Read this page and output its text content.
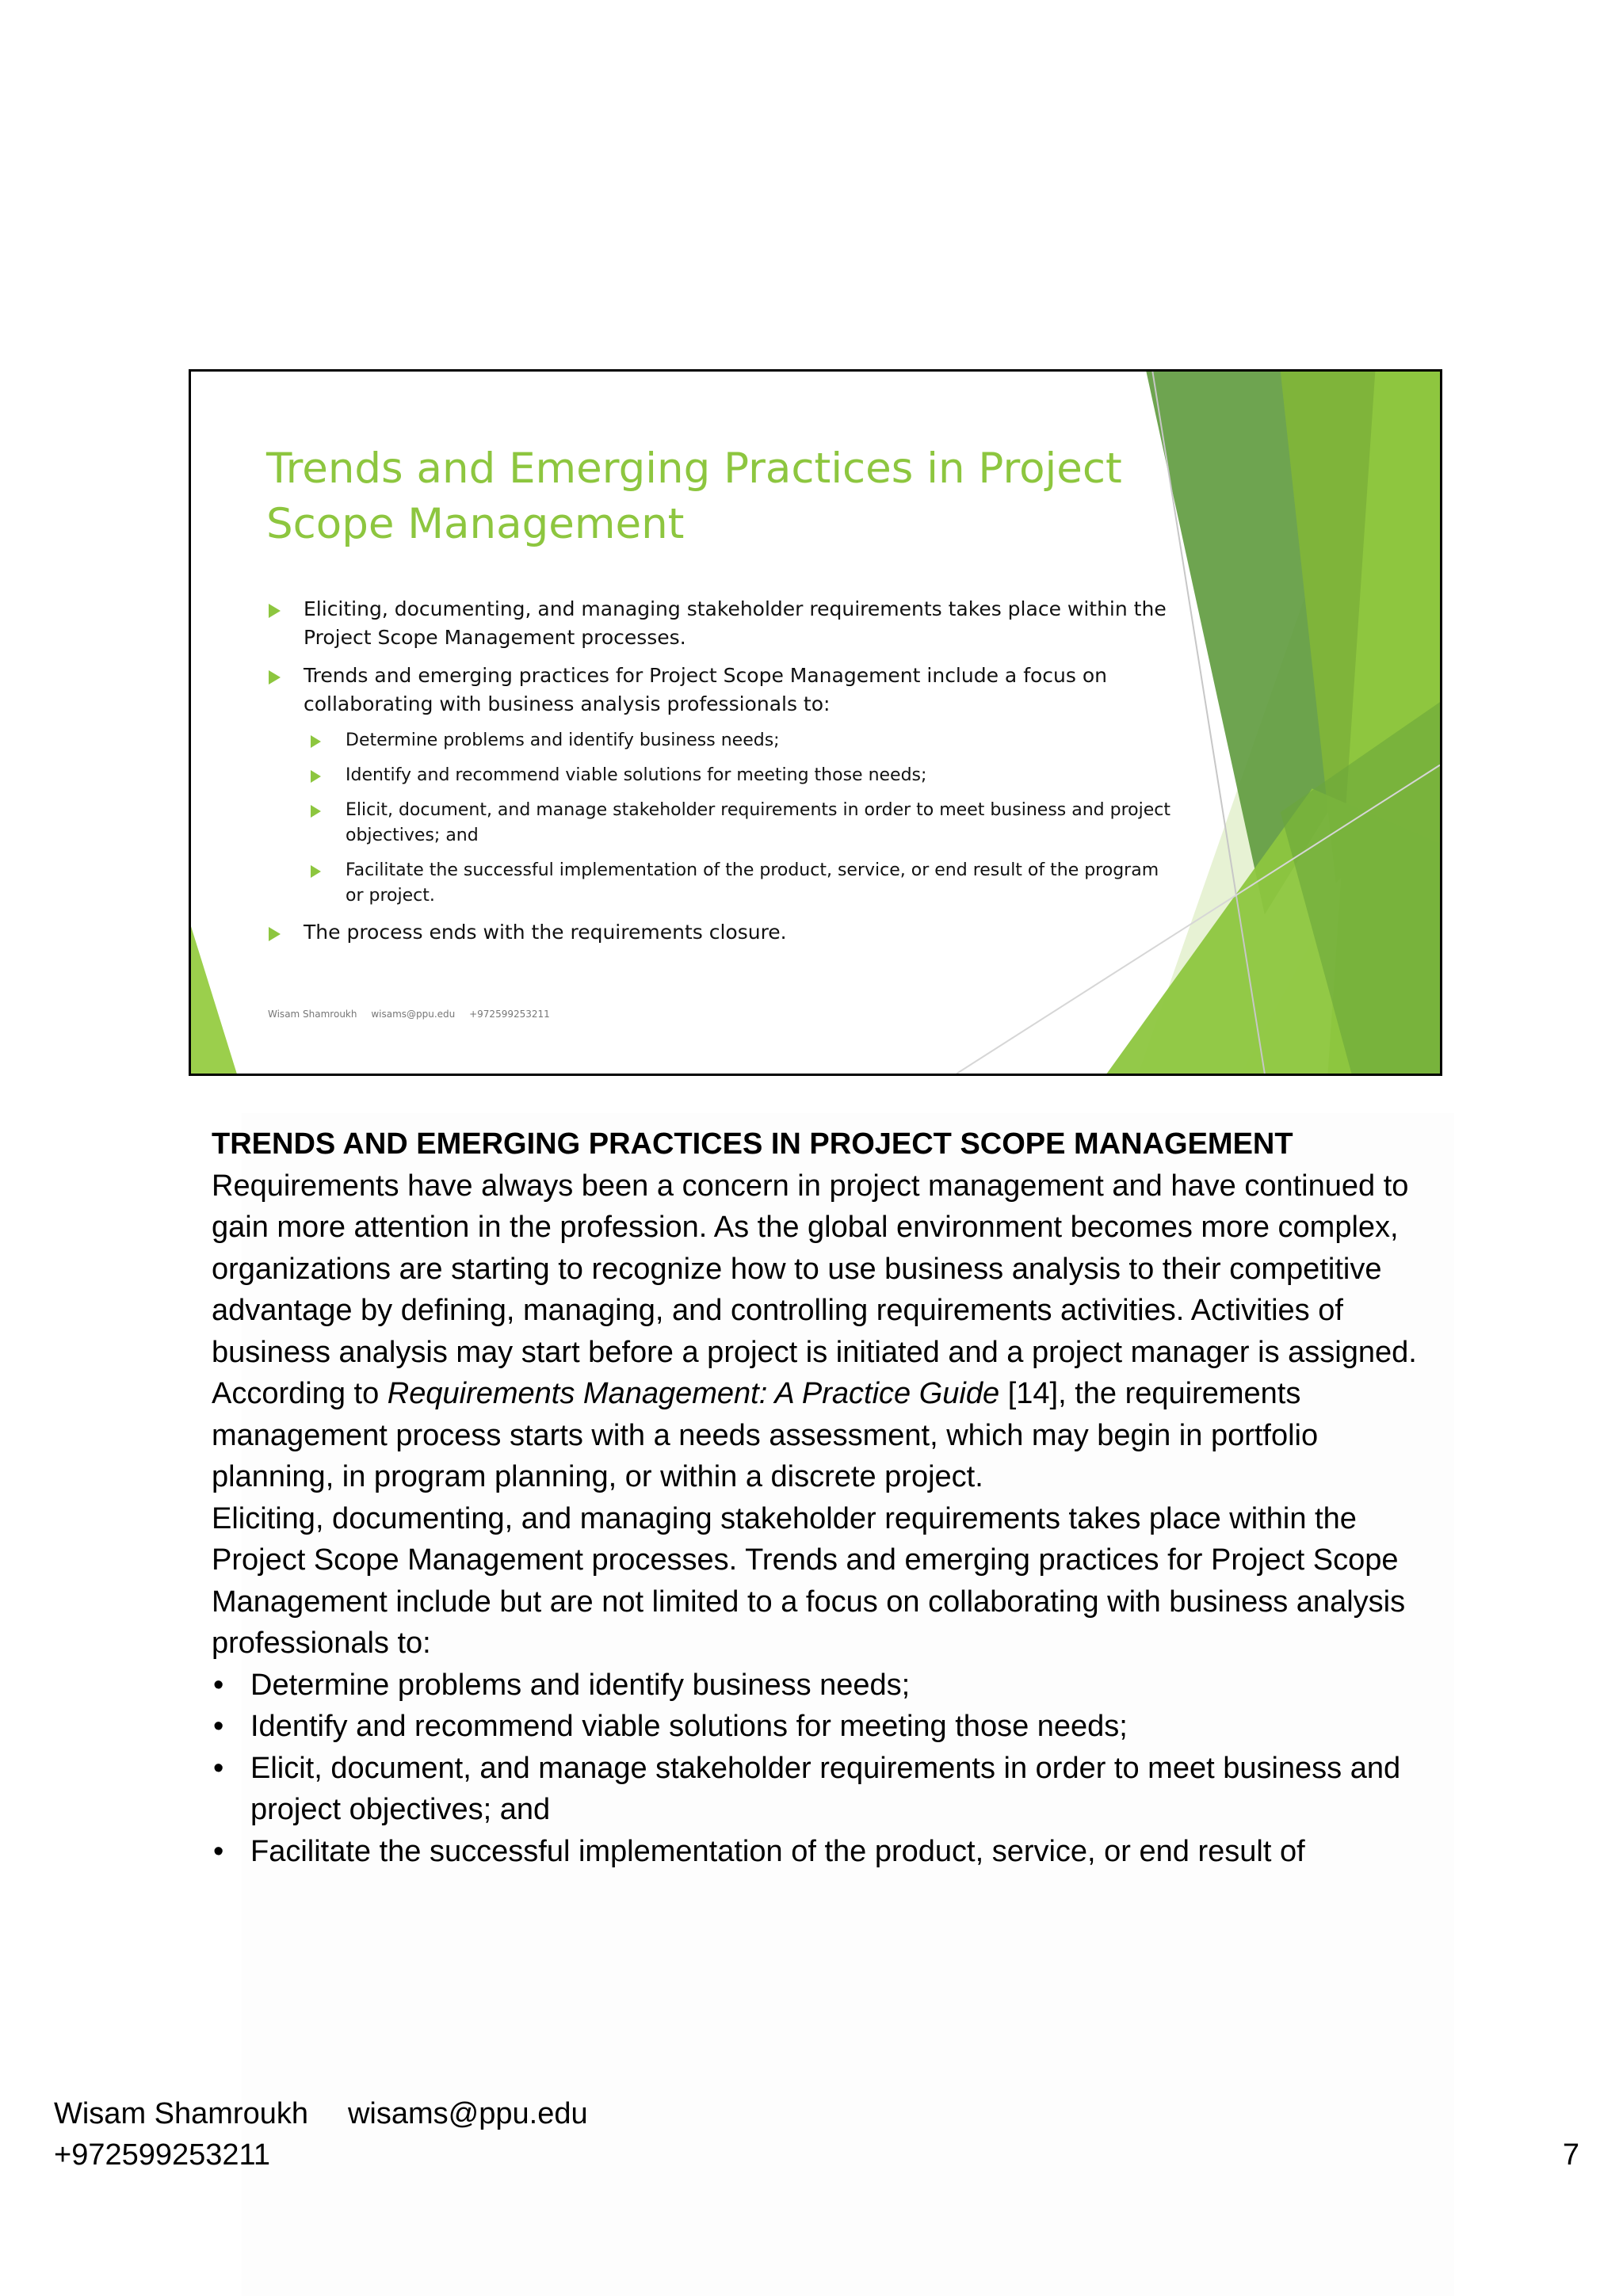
Trends and Emerging Practices in Project Scope Management
Eliciting, documenting, and managing stakeholder requirements takes place within the Project Scope Management processes.
Trends and emerging practices for Project Scope Management include a focus on collaborating with business analysis professionals to:
Determine problems and identify business needs;
Identify and recommend viable solutions for meeting those needs;
Elicit, document, and manage stakeholder requirements in order to meet business and project objectives; and
Facilitate the successful implementation of the product, service, or end result of the program or project.
The process ends with the requirements closure.
Wisam Shamroukh wisams@ppu.edu +972599253211

TRENDS AND EMERGING PRACTICES IN PROJECT SCOPE MANAGEMENT

Requirements have always been a concern in project management and have continued to gain more attention in the profession. As the global environment becomes more complex, organizations are starting to recognize how to use business analysis to their competitive advantage by defining, managing, and controlling requirements activities. Activities of business analysis may start before a project is initiated and a project manager is assigned. According to Requirements Management: A Practice Guide [14], the requirements management process starts with a needs assessment, which may begin in portfolio planning, in program planning, or within a discrete project.

Eliciting, documenting, and managing stakeholder requirements takes place within the Project Scope Management processes. Trends and emerging practices for Project Scope Management include but are not limited to a focus on collaborating with business analysis professionals to:

• Determine problems and identify business needs;
• Identify and recommend viable solutions for meeting those needs;
• Elicit, document, and manage stakeholder requirements in order to meet business and project objectives; and
• Facilitate the successful implementation of the product, service, or end result of
Wisam Shamroukh wisams@ppu.edu
+972599253211	7
